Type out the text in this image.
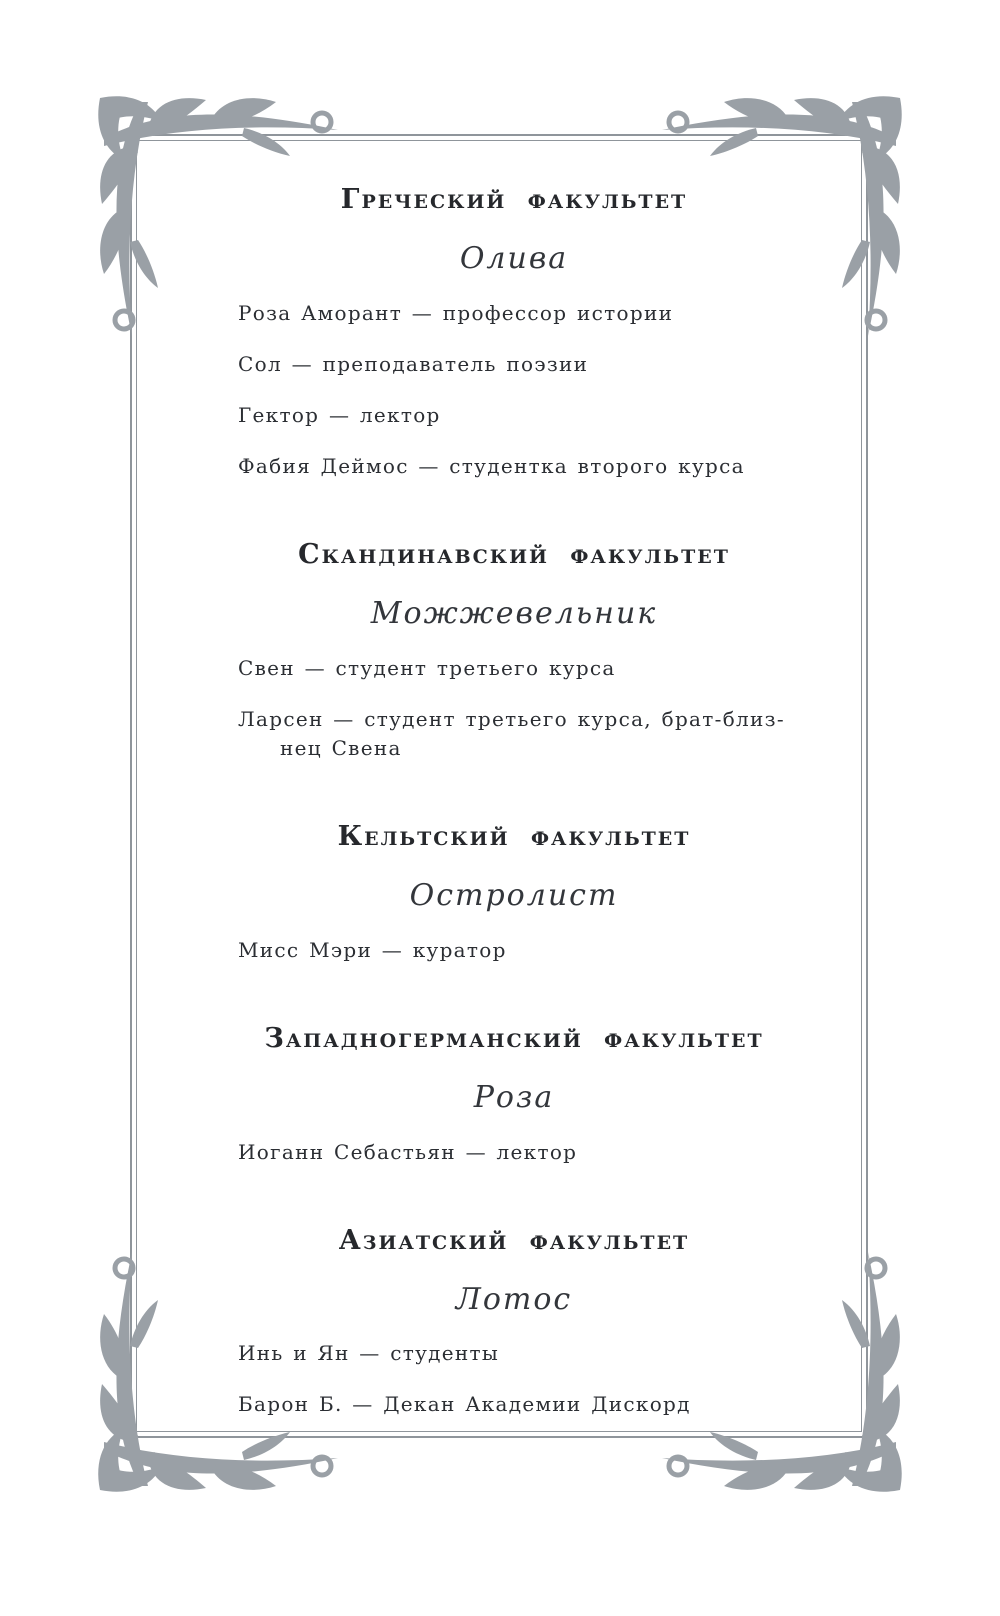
Греческий факультет
Олива

Роза Аморант — профессор истории

Сол — преподаватель поэзии

Гектор — лектор

Фабия Деймос — студентка второго курса

Скандинавский факультет
Можжевельник

Свен — студент третьего курса

Ларсен — студент третьего курса, брат-близнец Свена

Кельтский факультет
Остролист

Мисс Мэри — куратор

Западногерманский факультет
Роза

Иоганн Себастьян — лектор

Азиатский факультет
Лотос

Инь и Ян — студенты

Барон Б. — Декан Академии Дискорд
